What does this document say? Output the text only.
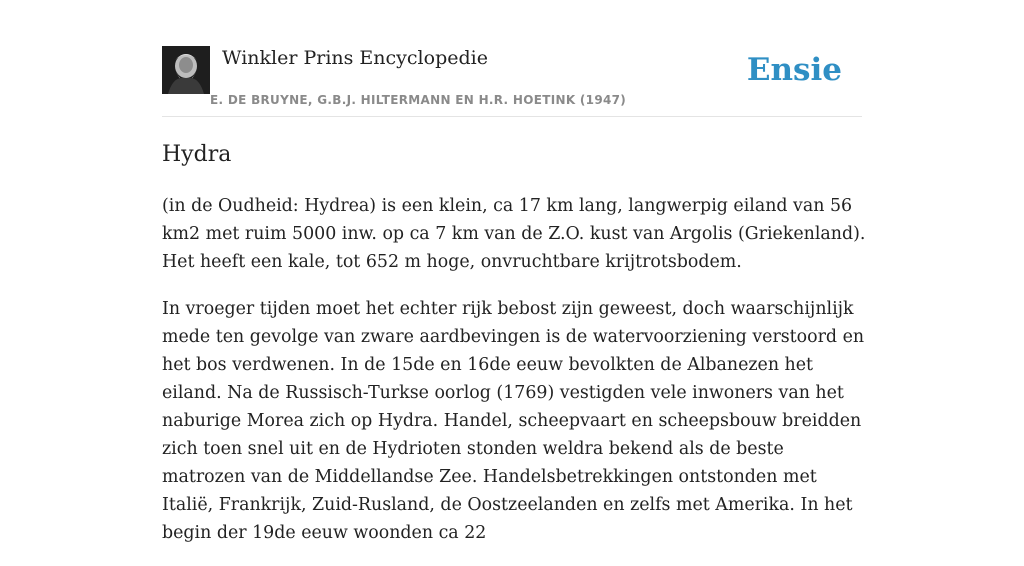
Winkler Prins Encyclopedie
E. DE BRUYNE, G.B.J. HILTERMANN EN H.R. HOETINK (1947)
Ensie
Hydra

(in de Oudheid: Hydrea) is een klein, ca 17 km lang, langwerpig eiland van 56 km2 met ruim 5000 inw. op ca 7 km van de Z.O. kust van Argolis (Griekenland). Het heeft een kale, tot 652 m hoge, onvruchtbare krijtrotsbodem.

In vroeger tijden moet het echter rijk bebost zijn geweest, doch waarschijnlijk mede ten gevolge van zware aardbevingen is de watervoorziening verstoord en het bos verdwenen. In de 15de en 16de eeuw bevolkten de Albanezen het eiland. Na de Russisch-Turkse oorlog (1769) vestigden vele inwoners van het naburige Morea zich op Hydra. Handel, scheepvaart en scheepsbouw breidden zich toen snel uit en de Hydrioten stonden weldra bekend als de beste matrozen van de Middellandse Zee. Handelsbetrekkingen ontstonden met Italië, Frankrijk, Zuid-Rusland, de Oostzeelanden en zelfs met Amerika. In het begin der 19de eeuw woonden ca 22
